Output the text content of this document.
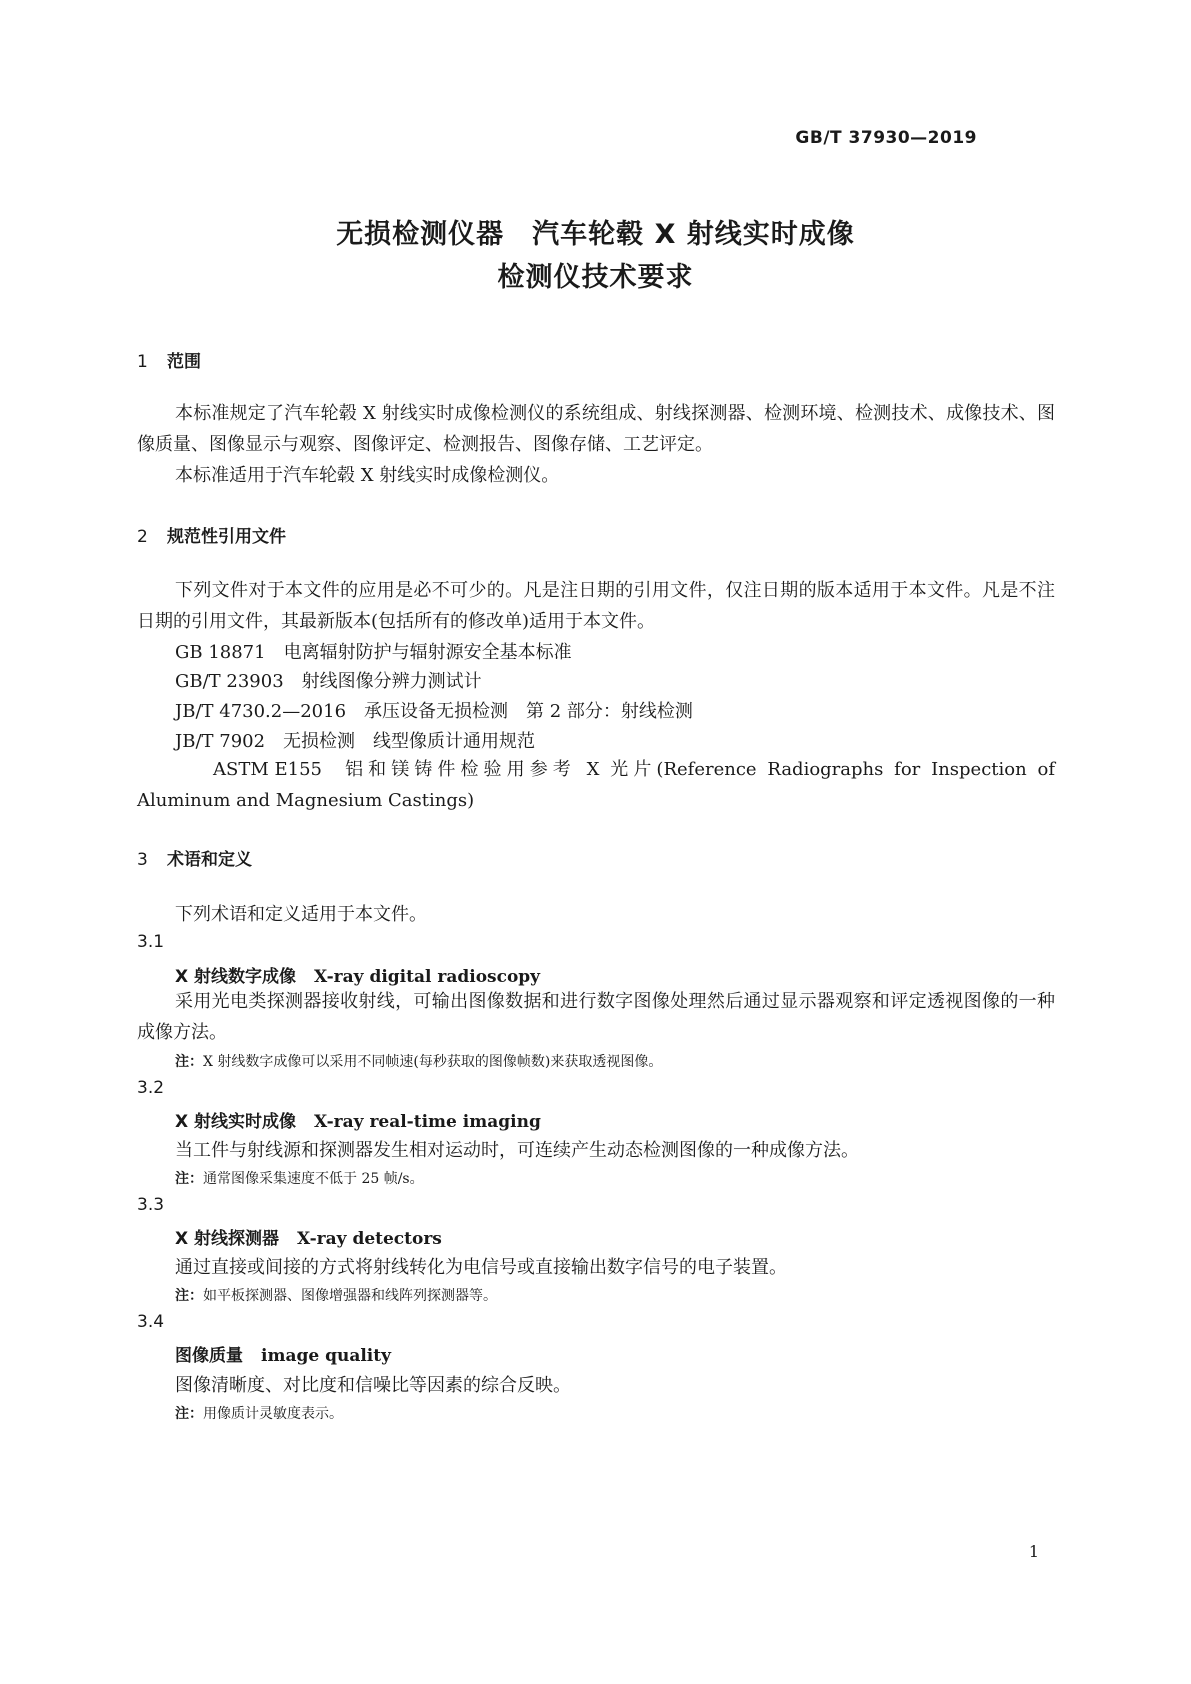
GB/T 37930—2019
无损检测仪器　汽车轮毂 X 射线实时成像
检测仪技术要求
1 范围

本标准规定了汽车轮毂 X 射线实时成像检测仪的系统组成、射线探测器、检测环境、检测技术、成像技术、图像质量、图像显示与观察、图像评定、检测报告、图像存储、工艺评定。

本标准适用于汽车轮毂 X 射线实时成像检测仪。

2 规范性引用文件

下列文件对于本文件的应用是必不可少的。凡是注日期的引用文件，仅注日期的版本适用于本文件。凡是不注日期的引用文件，其最新版本(包括所有的修改单)适用于本文件。

GB 18871 电离辐射防护与辐射源安全基本标准
GB/T 23903 射线图像分辨力测试计
JB/T 4730.2—2016 承压设备无损检测　第 2 部分：射线检测
JB/T 7902 无损检测　线型像质计通用规范

ASTM E155 铝和镁铸件检验用参考 X 光片(Reference Radiographs for Inspection of Aluminum and Magnesium Castings)

3 术语和定义
下列术语和定义适用于本文件。
3.1
X 射线数字成像 X-ray digital radioscopy

采用光电类探测器接收射线，可输出图像数据和进行数字图像处理然后通过显示器观察和评定透视图像的一种成像方法。

注：X 射线数字成像可以采用不同帧速(每秒获取的图像帧数)来获取透视图像。
3.2
X 射线实时成像 X-ray real-time imaging
当工件与射线源和探测器发生相对运动时，可连续产生动态检测图像的一种成像方法。
注：通常图像采集速度不低于 25 帧/s。
3.3
X 射线探测器 X-ray detectors
通过直接或间接的方式将射线转化为电信号或直接输出数字信号的电子装置。
注：如平板探测器、图像增强器和线阵列探测器等。
3.4
图像质量 image quality
图像清晰度、对比度和信噪比等因素的综合反映。
注：用像质计灵敏度表示。
1
